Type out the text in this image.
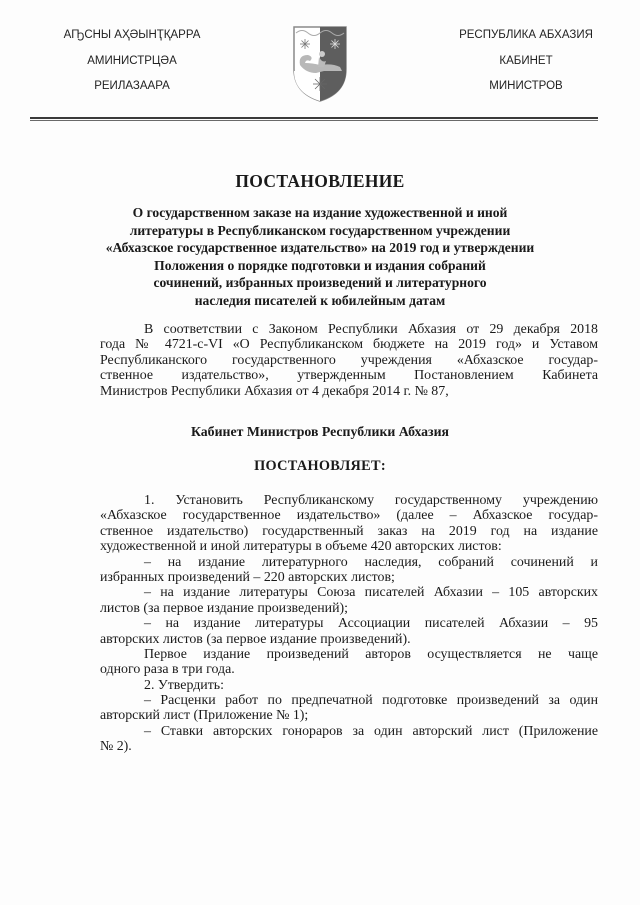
АҦСНЫ АҲӘЫНҬҚАРРА
АМИНИСТРЦӘА
РЕИЛАЗААРА
РЕСПУБЛИКА АБХАЗИЯ
КАБИНЕТ
МИНИСТРОВ
ПОСТАНОВЛЕНИЕ
О государственном заказе на издание художественной и иной
литературы в Республиканском государственном учреждении
«Абхазское государственное издательство» на 2019 год и утверждении
Положения о порядке подготовки и издания собраний
сочинений, избранных произведений и литературного
наследия писателей к юбилейным датам
В соответствии с Законом Республики Абхазия от 29 декабря 2018
года № 4721-с-VI «О Республиканском бюджете на 2019 год» и Уставом
Республиканского государственного учреждения «Абхазское государ-
ственное издательство», утвержденным Постановлением Кабинета
Министров Республики Абхазия от 4 декабря 2014 г. № 87,
Кабинет Министров Республики Абхазия
ПОСТАНОВЛЯЕТ:
1. Установить Республиканскому государственному учреждению
«Абхазское государственное издательство» (далее – Абхазское государ-
ственное издательство) государственный заказ на 2019 год на издание
художественной и иной литературы в объеме 420 авторских листов:
– на издание литературного наследия, собраний сочинений и
избранных произведений – 220 авторских листов;
– на издание литературы Союза писателей Абхазии – 105 авторских
листов (за первое издание произведений);
– на издание литературы Ассоциации писателей Абхазии – 95
авторских листов (за первое издание произведений).
Первое издание произведений авторов осуществляется не чаще
одного раза в три года.
2. Утвердить:
– Расценки работ по предпечатной подготовке произведений за один
авторский лист (Приложение № 1);
– Ставки авторских гонораров за один авторский лист (Приложение
№ 2).
